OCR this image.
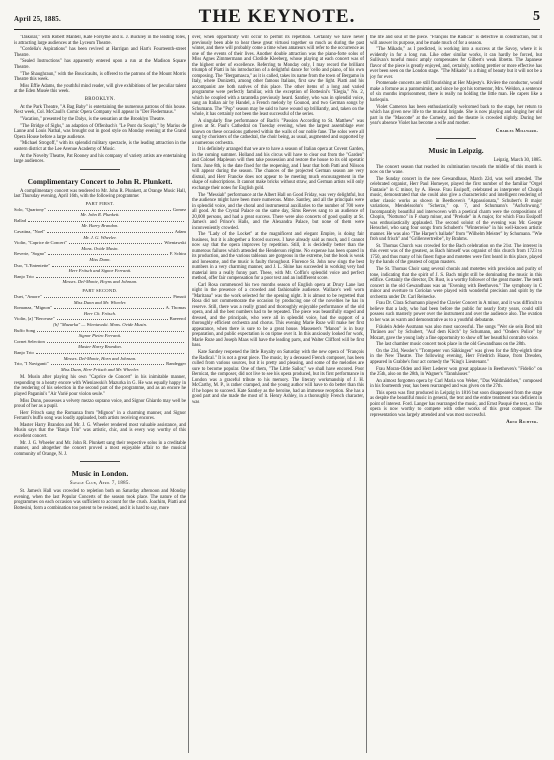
April 25, 1885.	THE KEYNOTE.	5

"Dakolar," with Robert Mantell, Kate Forsythe and E. J. Buckley in the leading roles, is attracting large audiences at the Lyceum Theatre.

"Cordelia's Aspirations" has been revived at Harrigan and Hart's Fourteenth-street Theatre.

"Sealed Instructions" has apparently entered upon a run at the Madison Square Theatre.

"The Shaughraun," with the Boucicaults, is offered to the patrons of the Mount Morris Theatre this week.

Miss Effie Adams, the youthful mind reader, will give exhibitions of her peculiar talent at the Eden Musée this week.

BROOKLYN.

At the Park Theatre, "A Bag Baby" is entertaining the numerous patrons of this house. Next week, Col. McCaull's Comic Opera Company will appear in "Der Fledermaus."

"Vacation," presented by the Dalys, is the sensation at the Brooklyn Theatre.

"The Bridge of Sighs," an adaption of Offenbach's "Le Pont du Soupir," by Marius de Lanne and Louis Nathal, was brought out in good style on Monday evening at the Grand Opera House before a large audience.

"Michael Strogoff," with its splendid military spectacle, is the leading attraction in the eastern district at the Lee Avenue Academy of Music.

At the Novelty Theatre, Pat Rooney and his company of variety artists are entertaining large audiences.

Complimentary Concert to John R. Plunkett.

A complimentary concert was tendered to Mr. John R. Plunkett, at Orange Music Hall, last Thursday evening, April 16th, with the following programme:

PART FIRST.
Solo, "Quartony"	Gomez
Mr. John R. Plunkett.
Ballad
Mr. Harry Brandon.
Cavatina, "Noel"	Adam
Mr. J. G. Wheeler.
Violin, "Caprice de Concert"	Wieniawski
Mons. Ovide Musin.
Reverie, "Sogno"	F. Schira
Miss Dunn.
Duo, "L'Ententette"
Herr Fritsch and Signor Ferranti.
Banjo Trio
Messrs. Del-Monte, Hoyns and Johnson.
PART SECOND.
Duet, "Amore"	Pinsuti
Miss Dunn and Mr. Wheeler.
Romanza, "Mignon"	A. Thomas
Herr Ch. Fritsch.
Violin, [a] "Berceuse"	Baeeerol
[b] "Mazurka" — Wieniawski. Mons. Ovide Musin.
Buffo Song
Signor Pietro Ferranti.
Cornet Selection
Master Harry Brandon.
Banjo Trio
Messrs. Del-Monte, Horn and Johnson.
Trio, "I Naviganti"	Randegger
Miss Dunn, Herr Fritsch and Mr. Wheeler.

M. Musin after playing his own "Caprice de Concert" in his inimitable manner, responding to a hearty encore with Wieniawski's Mazurka in G. He was equally happy in the rendering of his selection in the second part of the programme, and as an encore he played Paganini's "Air Varié pour violon seule."

Miss Dunn, possesses a velvety mezzo soprano voice, and Signor Ghiardo may well be proud of her as a pupil.

Herr Fritsch sang the Romanza from "Mignon" in a charming manner, and Signor Ferranti's buffo song was loudly applauded, both artists receiving encores.

Master Harry Brandon and Mr. J. G. Wheeler rendered most valuable assistance, and Musin says that the "Banjo Trio" was artistic, chic, and is every way worthy of this excellent concert.

Mr. J. G. Wheeler and Mr. John R. Plunkett sang their respective solos in a creditable manner, and altogether the concert proved a most enjoyable affair to the musical community of Orange, N. J.

Music in London.
Savage Club, April 7, 1885.

St. James's Hall was crowded to repletion both on Saturday afternoon and Monday evening, when the last Popular Concerts of the season took place. The nature of the programmes on each occasion was sufficient to account for the crush. Joachim, Piatti and Bottesini, form a combination too potent to be resisted, and it is hard to say, more

over, when opportunity will occur to permit its repetition. Certainly we have never previously been able to hear these great virtuosi together so much as during the past winter, and there will probably come a time when amateurs will refer to the occurrence as one of the events of their lives. Another double attraction was the piano-forte solos of Miss Agnes Zimmermann and Clotilde Kleeberg, whose playing at each concert was of the highest order of excellence. Referring to Monday only, I may record the brilliant triumph of Piatti in his introduction of a delightful dance for 'cello and piano, of his own composing. The "Bergamasca," as it is called, takes its name from the town of Bergamo in Italy, where Donizetti, among other famous Italians, first saw the light. Piatti and his accompanist are both natives of this place. The other items of a long and varied programme were perfectly familiar, with the exception of Bottesini's "Elegia," No. 2, which he coupled with a tarantella previously heard. Santley, who was in splendid voice, sang an Italian air by Handel, a French melody by Gounod, and two German songs by Schumann. The "Pop" season may be said to have wound up brilliantly, and, taken on the whole, it has certainly not been the least successful of the series.

A singularly fine performance of Bach's "Passion According to St. Matthew" was given at St. Paul's Cathedral on Tuesday evening, when the largest assemblage ever known on these occasions gathered within the walls of our noble fane. The solos were all sung by choristers of the cathedral, the choir being, as usual, augmented and supported by a numerous orchestra.

It is definitely arranged that we are to have a season of Italian opera at Covent Garden, in the coming summer. Holland and his circus will have to clear out from the "Garden" and Colonel Mapleson will then take possession and restore the house to its old operatic form. June 8th, is the date fixed for the reopening, and I hear that both Patti and Nilsson will appear during the season. The chances of the projected German season are very dismal, and Herr Francke does not appear to be meeting much encouragement in the shape of subscriptions. It cannot make bricks without straw, and German artists will only exchange their notes for English gold.

The "Messiah" performance at the Albert Hall on Good Friday, was very delightful, but the audience might have been more numerous. Mme. Santley, and all the principals were in splendid voice, and the choral and instrumental auxiliaries to the number of 700 were all good. At the Crystal Palace on the same day, Sims Reeves sang to an audience of 20,000 persons, and had a great success. There were also concerts of good quality at St. James's and Prince's Halls, and the Alexandra Palace, but none of them were inconveniently crowded.

The "Lady of the Locket" at the magnificent and elegant Empire, is doing fair business, but it is altogether a forced success. I have already said as much, and I cannot now say that the opera improves by repetition. Still, it is decidedly better than the numerous failures which attended the Henderson régime. No expense has been spared in its production, and the various tableaux are gorgeous in the extreme, but the book is weak and lonesome, and the music is faulty throughout. Florence St. John now sings the best numbers in a very charming manner, and J. L. Shine has succeeded in working very bad material into a really funny part. These, with Mr. Coffin's splendid voice and perfect method, offer fair compensation for a poor text and an indifferent score.

Carl Rosa commenced his two months season of English opera at Drury Lane last night in the presence of a crowded and fashionable audience. Wallace's well worn "Maritana" was the work selected for the opening night. It is almost to be regretted that Rosa did not commemorate the occasion by producing one of the novelties he has in reserve. Still, there was a really grand and thoroughly enjoyable performance of the old opera, and all the best numbers had to be repeated. The piece was beautifully staged and dressed, and the principals, who were all in splendid voice, had the support of a thoroughly efficient orchestra and chorus. This evening Marie Roze will make her first appearance, when there is sure to be a great house. Massenet's "Manon" is in busy preparation, and public expectation is on tiptoe over it. In this anxiously looked for work, Marie Roze and Joseph Maas will have the leading parts, and Walter Clifford will be first bass.

Kate Santley reopened the little Royalty on Saturday with the new opera of "François the Radical." It is not a great piece. The music, by a deceased French composer, has been culled from various sources, but it is pretty and pleasing, and some of the melodies are sure to become popular. One of them, "The Little Sailor," we shall have encored. Poor Bernicat, the composer, did not live to see his opera produced, but its first performance in London was a graceful tribute to his memory. The literary workmanship of J. H. McCarthy, M. P., is rather cramped, and the young author will have to do better than this if he hopes to succeed. Kate Santley as the heroine, had an immense reception. She has a good part and she made the most of it. Henry Ashley, in a thoroughly French character, was

the life and soul of the piece. "François the Radical" is defective in construction, but it will answer its purpose, and be made much of for a season.

"The Mikado," as I predicted, is working into a success at the Savoy, where it is evidently in for a long run. Like other similar works, it can hardly be forced, but Sullivan's tuneful music amply compensates for Gilbert's weak libretto. The Japanese flavor of the piece is greatly enjoyed, and, certainly, nothing prettier or more effective has ever been seen on the London stage. "The Mikado" is a thing of beauty but it will not be a joy for ever.

Promenade concerts are still flourishing at Her Majesty's. Rivière the conductor, would make a fortune as a pantomimist, and since he got his tormentor, Mrs. Weldon, a sentence of six months imprisonment, there is really no holding the little man. He capers like a harlequin.

Violet Cameron has been enthusiastically welcomed back to the stage, her return to which has given new life to the musical brigade. She is now playing and singing her old part in the "Mascotte" at the Comedy, and the theatre is crowded nightly. During her year's absence Violet has become a wife and mother.

Charles Millward.
Music in Leipzig.
Leipzig, March 30, 1885.

The concert season that reached its culmination towards the middle of this month is now on the wane.

The Sunday concert in the new Gewandhaus, March 22d, was well attended. The celebrated organist, Herr Paul Homeyer, played the first number of the familiar "Orgel Fantasie" in C minor, by A. Hesse. Frau Essipoff, celebrated as interpreter of Chopin music, demonstrated that she could also give a characteristic and intelligent rendering of other classic works as shown in Beethoven's "Appassionata," Schubert's B major variations, Mendelssohn's "Scherzo," op. 7, and Schumann's "Aufschwung." Incomparably beautiful and interwoven with a poetical charm were the compositions of Chopin, "Notturno" in F sharp minor, and "Prelude" in A major, for which Frau Essipoff was enthusiastically applauded. The second soloist of the evening was Mr. George Henschel, who sang four songs from Schubert's "Winterreise" in his well-known artistic manner. He was also "The Harper's ballade" from "Wilhelm Meister" by Schumann. "Wie froh und frisch" and "Grillenvertreibe", by Brahms.

St. Thomas Church was crowded for the Bach celebration on the 21st. The interest in this event was of the greatest, as Bach himself was organist of this church from 1723 to 1750, and thus many of his finest fugue and motettes were first heard in this place, played by the hands of the greatest of organ masters.

The St. Thomas Choir sang several chorals and motettes with precision and purity of tone, indicating that the spirit of J. S. Bach might still be dominating the music in this edifice. Certainly the director, Dr. Rust, is a worthy follower of the great master. The tenth concert in the old Gewandhaus was an "Evening with Beethoven." The symphony in C minor and overture to Coriolan were played with wonderful precision and spirit by the orchestra under Dr. Carl Reinecke.

Frau Dr. Clara Schumann played the Clavier Concert in A minor, and it was difficult to believe that a lady, who had been before the public for nearly forty years, could still possess such masterly power over the instrument and over the audience also. The ovation to her was as warm and demonstrative as to a youthful debutante.

Fräulein Adele Assmann was also most successful. The songs "Wer sie sein Brod mit Thränen ass" by Schubert, "Auf dem Kirch" by Schumann, and "Onders Police" by Mozart, gave the young lady a fine opportunity to show off her beautiful contralto voice.

The last chamber music concert took place in the old Gewandhaus on the 28th.

On the 23d, Nessler's "Trompeter von Säkkingen" was given for the fifty-eighth time in the New Theatre. The following evening, Herr Friedrich Haase, from Dresden, appeared in Grabbe's four act comedy the "King's Lieutenant."

Frau Moran-Olden and Herr Lederer won great applause in Beethoven's "Fidelio" on the 25th, also on the 28th, in Wagner's "Tannhäuser."

An almost forgotten opera by Carl Maria von Weber, "Das Waldmädchen," composed in his fourteenth year, has been rearranged and was given on the 27th.

This opera was first produced in Leipzig in 1816 but soon disappeared from the stage as despite the beautiful music in general, the text and the entire treatment was deficient in point of interest. Ford. Langer has rearranged the music, and Ernst Pasqué the text, so this opera is now worthy to compete with other works of this great composer. The representation was largely attended and was most successful.

Arno Richter.
